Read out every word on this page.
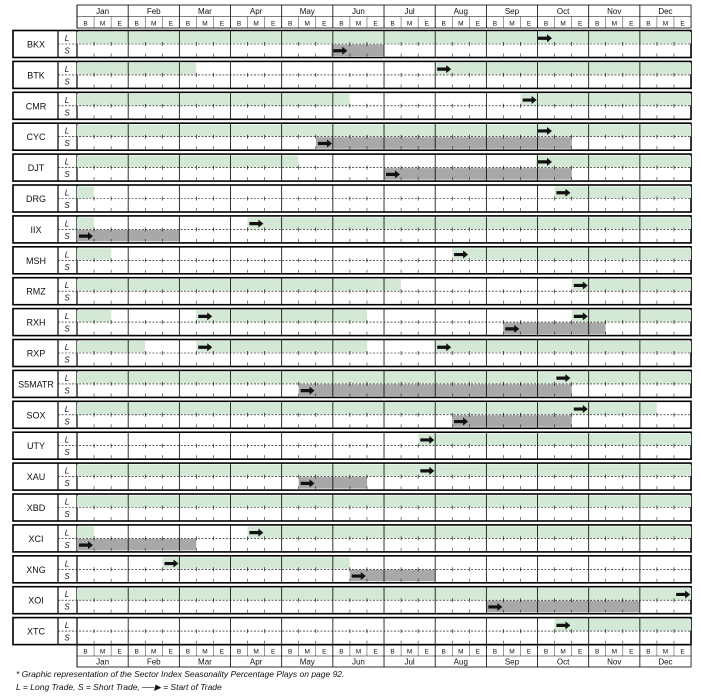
Jan
B M E
Feb
B M E
Mar
B M E
Apr
B M E
May
B M E
Jun
B M E
Jul
B M E
Aug
B M E
Sep
B M E
Oct
B M E
Nov
B M E
Dec
B M E
Jan
B M E
Feb
B M E
Mar
B M E
Apr
B M E
May
B M E
Jun
B M E
Jul
B M E
Aug
B M E
Sep
B M E
Oct
B M E
Nov
B M E
Dec
B M E
BKX
L
S
BTK
L
S
CMR
L
S
CYC
L
S
DJT
L
S
DRG
L
S
IIX
L
S
MSH
L
S
RMZ
L
S
RXH
L
S
RXP
L
S
S5MATR
L
S
SOX
L
S
UTY
L
S
XAU
L
S
XBD
L
S
XCI
L
S
XNG
L
S
XOI
L
S
XTC
L
S
* Graphic representation of the Sector Index Seasonality Percentage Plays on page 92.
L = Long Trade, S = Short Trade, ──▶ = Start of Trade
